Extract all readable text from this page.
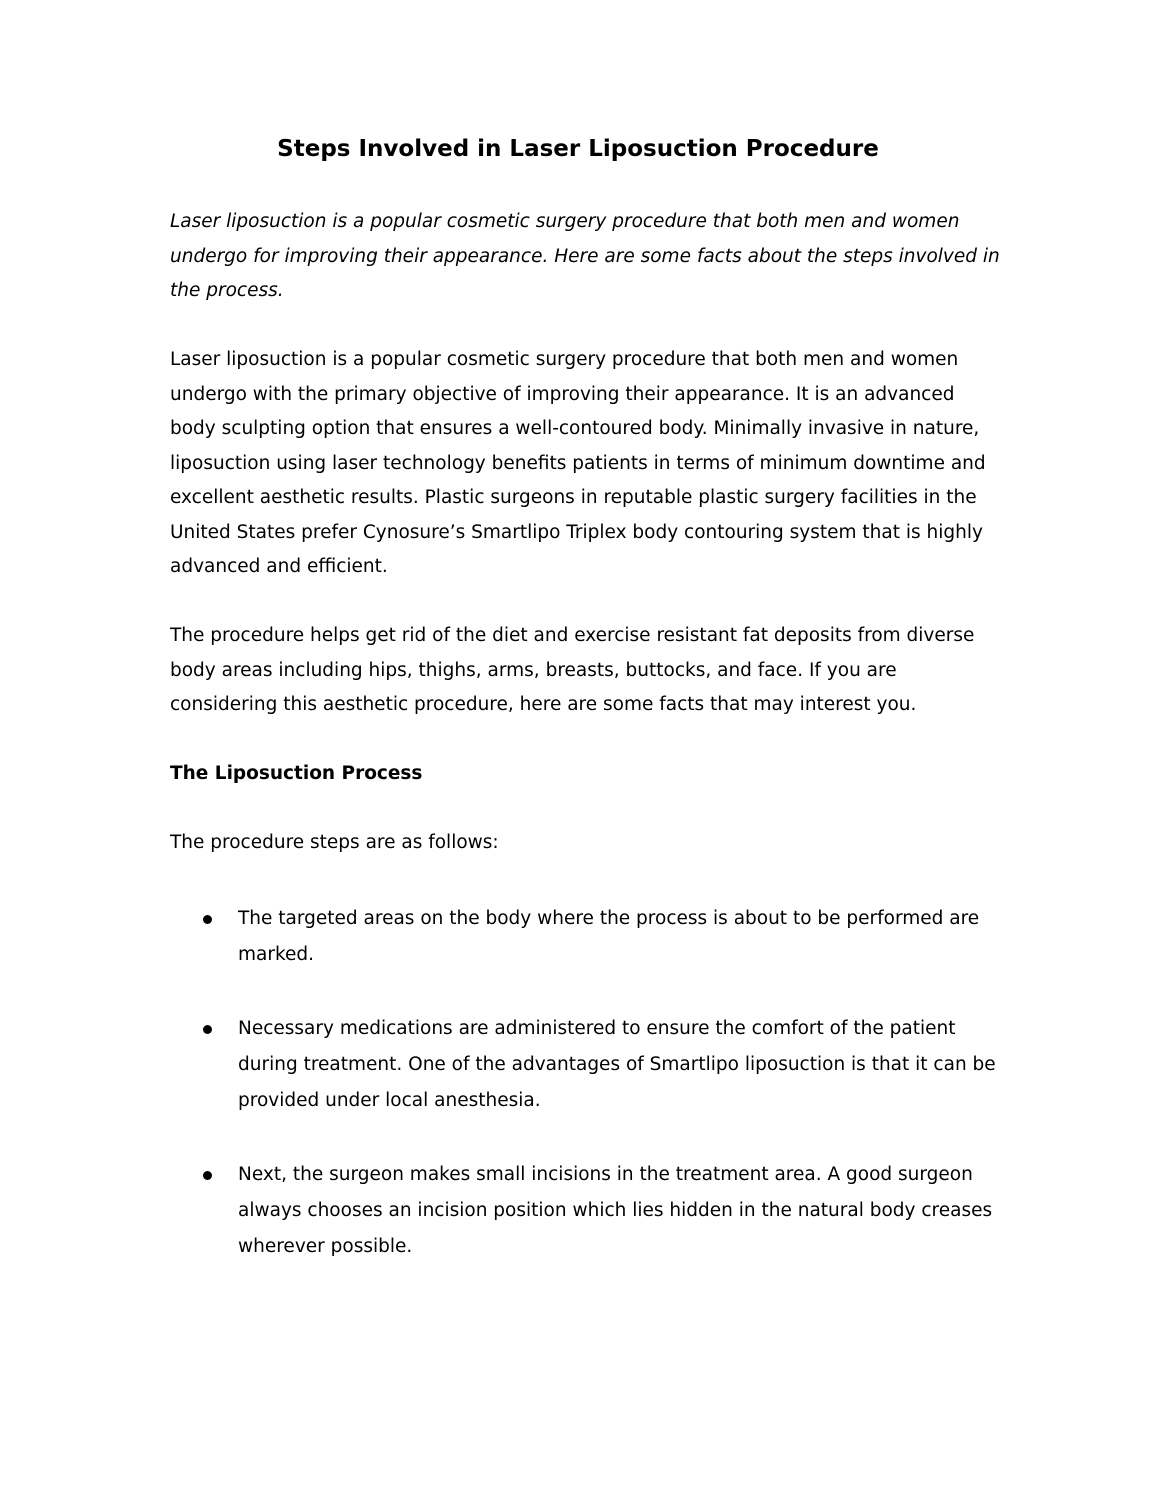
Steps Involved in Laser Liposuction Procedure

Laser liposuction is a popular cosmetic surgery procedure that both men and women undergo for improving their appearance. Here are some facts about the steps involved in the process.

Laser liposuction is a popular cosmetic surgery procedure that both men and women undergo with the primary objective of improving their appearance. It is an advanced body sculpting option that ensures a well-contoured body. Minimally invasive in nature, liposuction using laser technology benefits patients in terms of minimum downtime and excellent aesthetic results. Plastic surgeons in reputable plastic surgery facilities in the United States prefer Cynosure’s Smartlipo Triplex body contouring system that is highly advanced and efficient.

The procedure helps get rid of the diet and exercise resistant fat deposits from diverse body areas including hips, thighs, arms, breasts, buttocks, and face. If you are considering this aesthetic procedure, here are some facts that may interest you.

The Liposuction Process

The procedure steps are as follows:

The targeted areas on the body where the process is about to be performed are marked.
Necessary medications are administered to ensure the comfort of the patient during treatment. One of the advantages of Smartlipo liposuction is that it can be provided under local anesthesia.
Next, the surgeon makes small incisions in the treatment area. A good surgeon always chooses an incision position which lies hidden in the natural body creases wherever possible.
